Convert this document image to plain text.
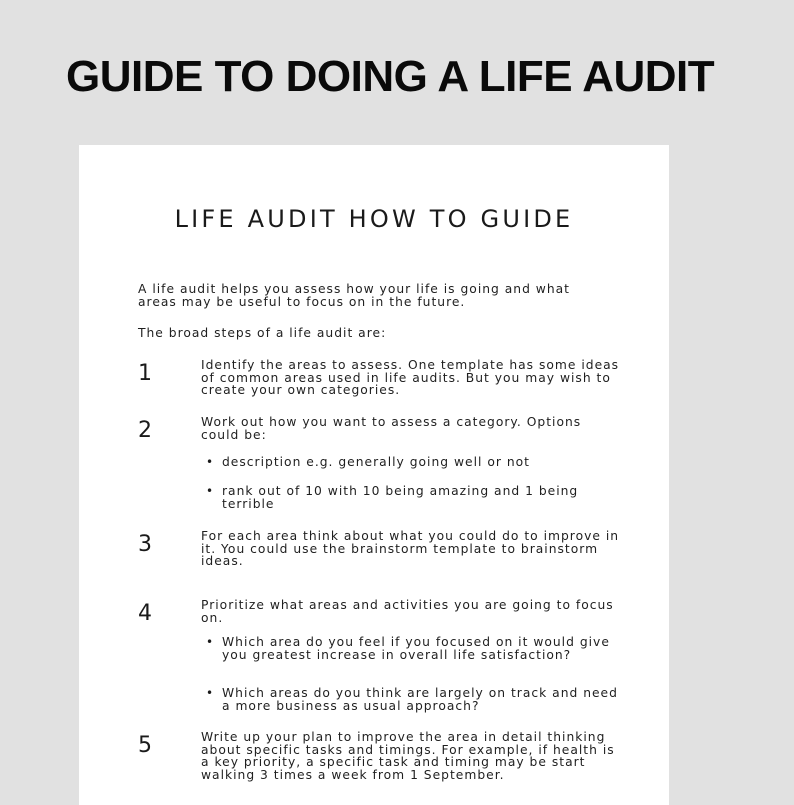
GUIDE TO DOING A LIFE AUDIT
LIFE AUDIT HOW TO GUIDE

A life audit helps you assess how your life is going and what areas may be useful to focus on in the future.

The broad steps of a life audit are:

1	Identify the areas to assess. One template has some ideas of common areas used in life audits. But you may wish to create your own categories.

2	Work out how you want to assess a category. Options could be:

• description e.g. generally going well or not
• rank out of 10 with 10 being amazing and 1 being terrible
3	For each area think about what you could do to improve in it. You could use the brainstorm template to brainstorm ideas.

4	Prioritize what areas and activities you are going to focus on.

• Which area do you feel if you focused on it would give you greatest increase in overall life satisfaction?
• Which areas do you think are largely on track and need a more business as usual approach?
5	Write up your plan to improve the area in detail thinking about specific tasks and timings. For example, if health is a key priority, a specific task and timing may be start walking 3 times a week from 1 September.
